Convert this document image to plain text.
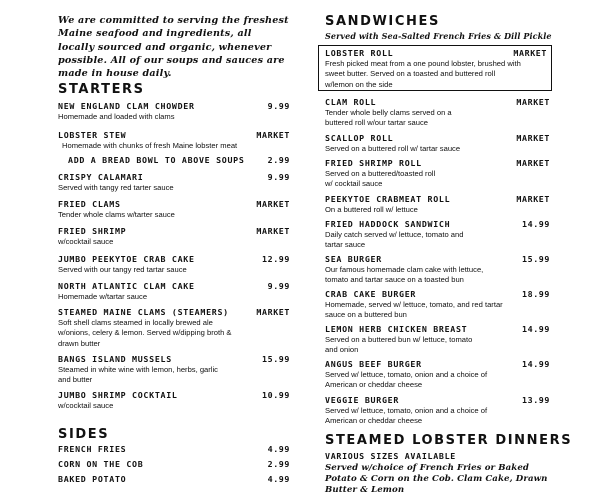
We are committed to serving the freshest Maine seafood and ingredients, all locally sourced and organic, whenever possible. All of our soups and sauces are made in house daily.
STARTERS
NEW ENGLAND CLAM CHOWDER	9.99
Homemade and loaded with clams
LOBSTER STEW	MARKET
Homemade with chunks of fresh Maine lobster meat
ADD A BREAD BOWL TO ABOVE SOUPS	2.99
CRISPY CALAMARI	9.99
Served with tangy red tarter sauce
FRIED CLAMS	MARKET
Tender whole clams w/tarter sauce
FRIED SHRIMP	MARKET
w/cocktail sauce
JUMBO PEEKYTOE CRAB CAKE	12.99
Served with our tangy red tartar sauce
NORTH ATLANTIC CLAM CAKE	9.99
Homemade w/tartar sauce
STEAMED MAINE CLAMS (STEAMERS)	MARKET
Soft shell clams steamed in locally brewed ale w/onions, celery & lemon. Served w/dipping broth & drawn butter
BANGS ISLAND MUSSELS	15.99
Steamed in white wine with lemon, herbs, garlic and butter
JUMBO SHRIMP COCKTAIL	10.99
w/cocktail sauce
SIDES
FRENCH FRIES	4.99
CORN ON THE COB	2.99
BAKED POTATO	4.99
SANDWICHES
Served with Sea-Salted French Fries & Dill Pickle
LOBSTER ROLL	MARKET
Fresh picked meat from a one pound lobster, brushed with sweet butter. Served on a toasted and buttered roll w/lemon on the side
CLAM ROLL	MARKET
Tender whole belly clams served on a buttered roll w/our tartar sauce
SCALLOP ROLL	MARKET
Served on a buttered roll w/ tartar sauce
FRIED SHRIMP ROLL	MARKET
Served on a buttered/toasted roll w/ cocktail sauce
PEEKYTOE CRABMEAT ROLL	MARKET
On a buttered roll w/ lettuce
FRIED HADDOCK SANDWICH	14.99
Daily catch served w/ lettuce, tomato and tartar sauce
SEA BURGER	15.99
Our famous homemade clam cake with lettuce, tomato and tartar sauce on a toasted bun
CRAB CAKE BURGER	18.99
Homemade, served w/ lettuce, tomato, and red tartar sauce on a buttered bun
LEMON HERB CHICKEN BREAST	14.99
Served on a buttered bun w/ lettuce, tomato and onion
ANGUS BEEF BURGER	14.99
Served w/ lettuce, tomato, onion and a choice of American or cheddar cheese
VEGGIE BURGER	13.99
Served w/ lettuce, tomato, onion and a choice of American or cheddar cheese
STEAMED LOBSTER DINNERS
VARIOUS SIZES AVAILABLE
Served w/choice of French Fries or Baked Potato & Corn on the Cob. Clam Cake, Drawn Butter & Lemon
